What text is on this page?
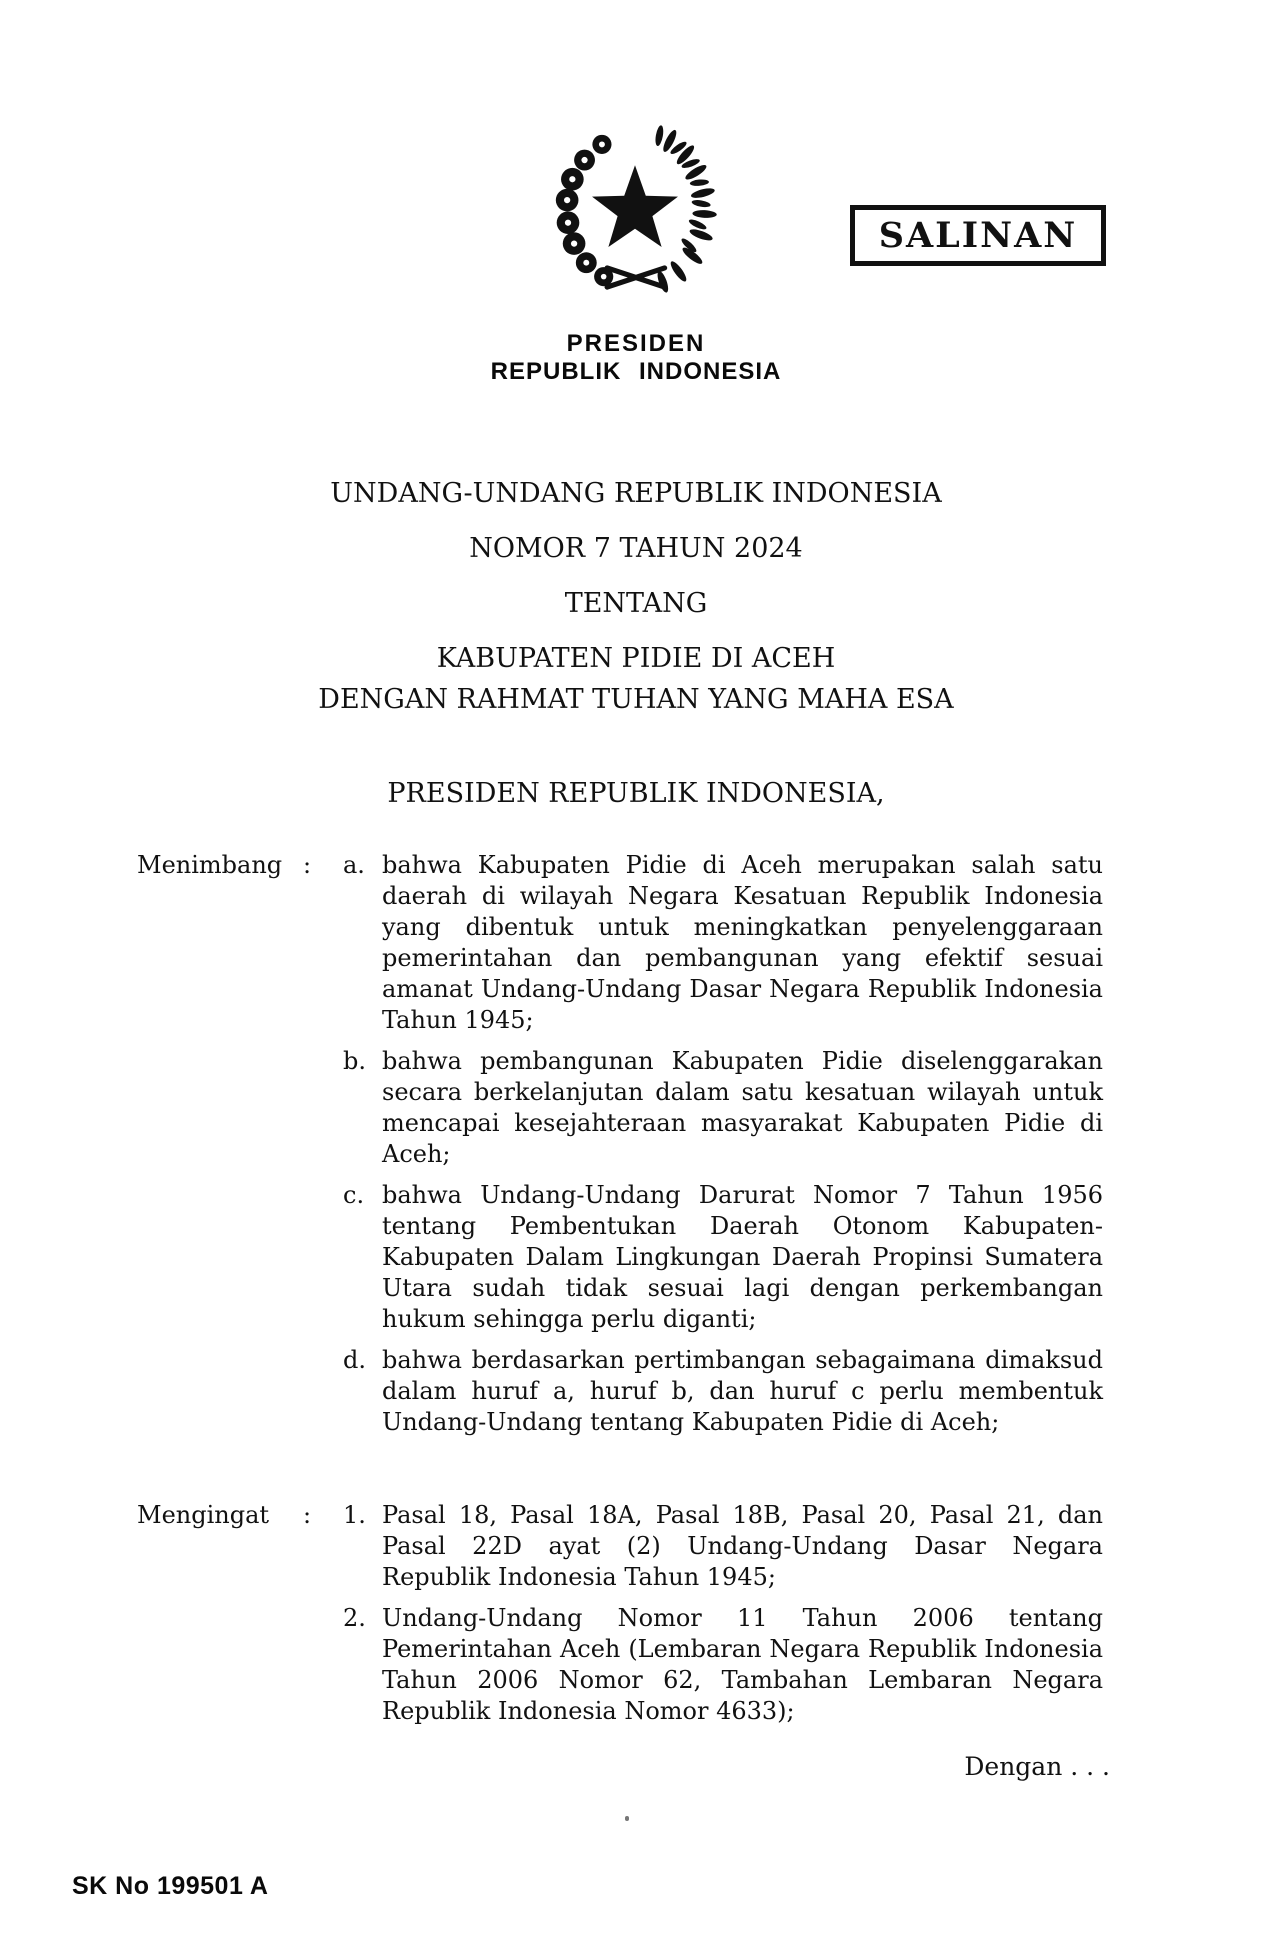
SALINAN
PRESIDEN
REPUBLIK INDONESIA
UNDANG-UNDANG REPUBLIK INDONESIA
NOMOR 7 TAHUN 2024
TENTANG
KABUPATEN PIDIE DI ACEH
DENGAN RAHMAT TUHAN YANG MAHA ESA
PRESIDEN REPUBLIK INDONESIA,
Menimbang :	a. bahwa Kabupaten Pidie di Aceh merupakan salah satu daerah di wilayah Negara Kesatuan Republik Indonesia yang dibentuk untuk meningkatkan penyelenggaraan pemerintahan dan pembangunan yang efektif sesuai amanat Undang-Undang Dasar Negara Republik Indonesia Tahun 1945;
b. bahwa pembangunan Kabupaten Pidie diselenggarakan secara berkelanjutan dalam satu kesatuan wilayah untuk mencapai kesejahteraan masyarakat Kabupaten Pidie di Aceh;
c. bahwa Undang-Undang Darurat Nomor 7 Tahun 1956 tentang Pembentukan Daerah Otonom Kabupaten-Kabupaten Dalam Lingkungan Daerah Propinsi Sumatera Utara sudah tidak sesuai lagi dengan perkembangan hukum sehingga perlu diganti;
d. bahwa berdasarkan pertimbangan sebagaimana dimaksud dalam huruf a, huruf b, dan huruf c perlu membentuk Undang-Undang tentang Kabupaten Pidie di Aceh;
Mengingat	:	1. Pasal 18, Pasal 18A, Pasal 18B, Pasal 20, Pasal 21, dan Pasal 22D ayat (2) Undang-Undang Dasar Negara Republik Indonesia Tahun 1945;
2. Undang-Undang Nomor 11 Tahun 2006 tentang Pemerintahan Aceh (Lembaran Negara Republik Indonesia Tahun 2006 Nomor 62, Tambahan Lembaran Negara Republik Indonesia Nomor 4633);
Dengan . . .
SK No 199501 A
